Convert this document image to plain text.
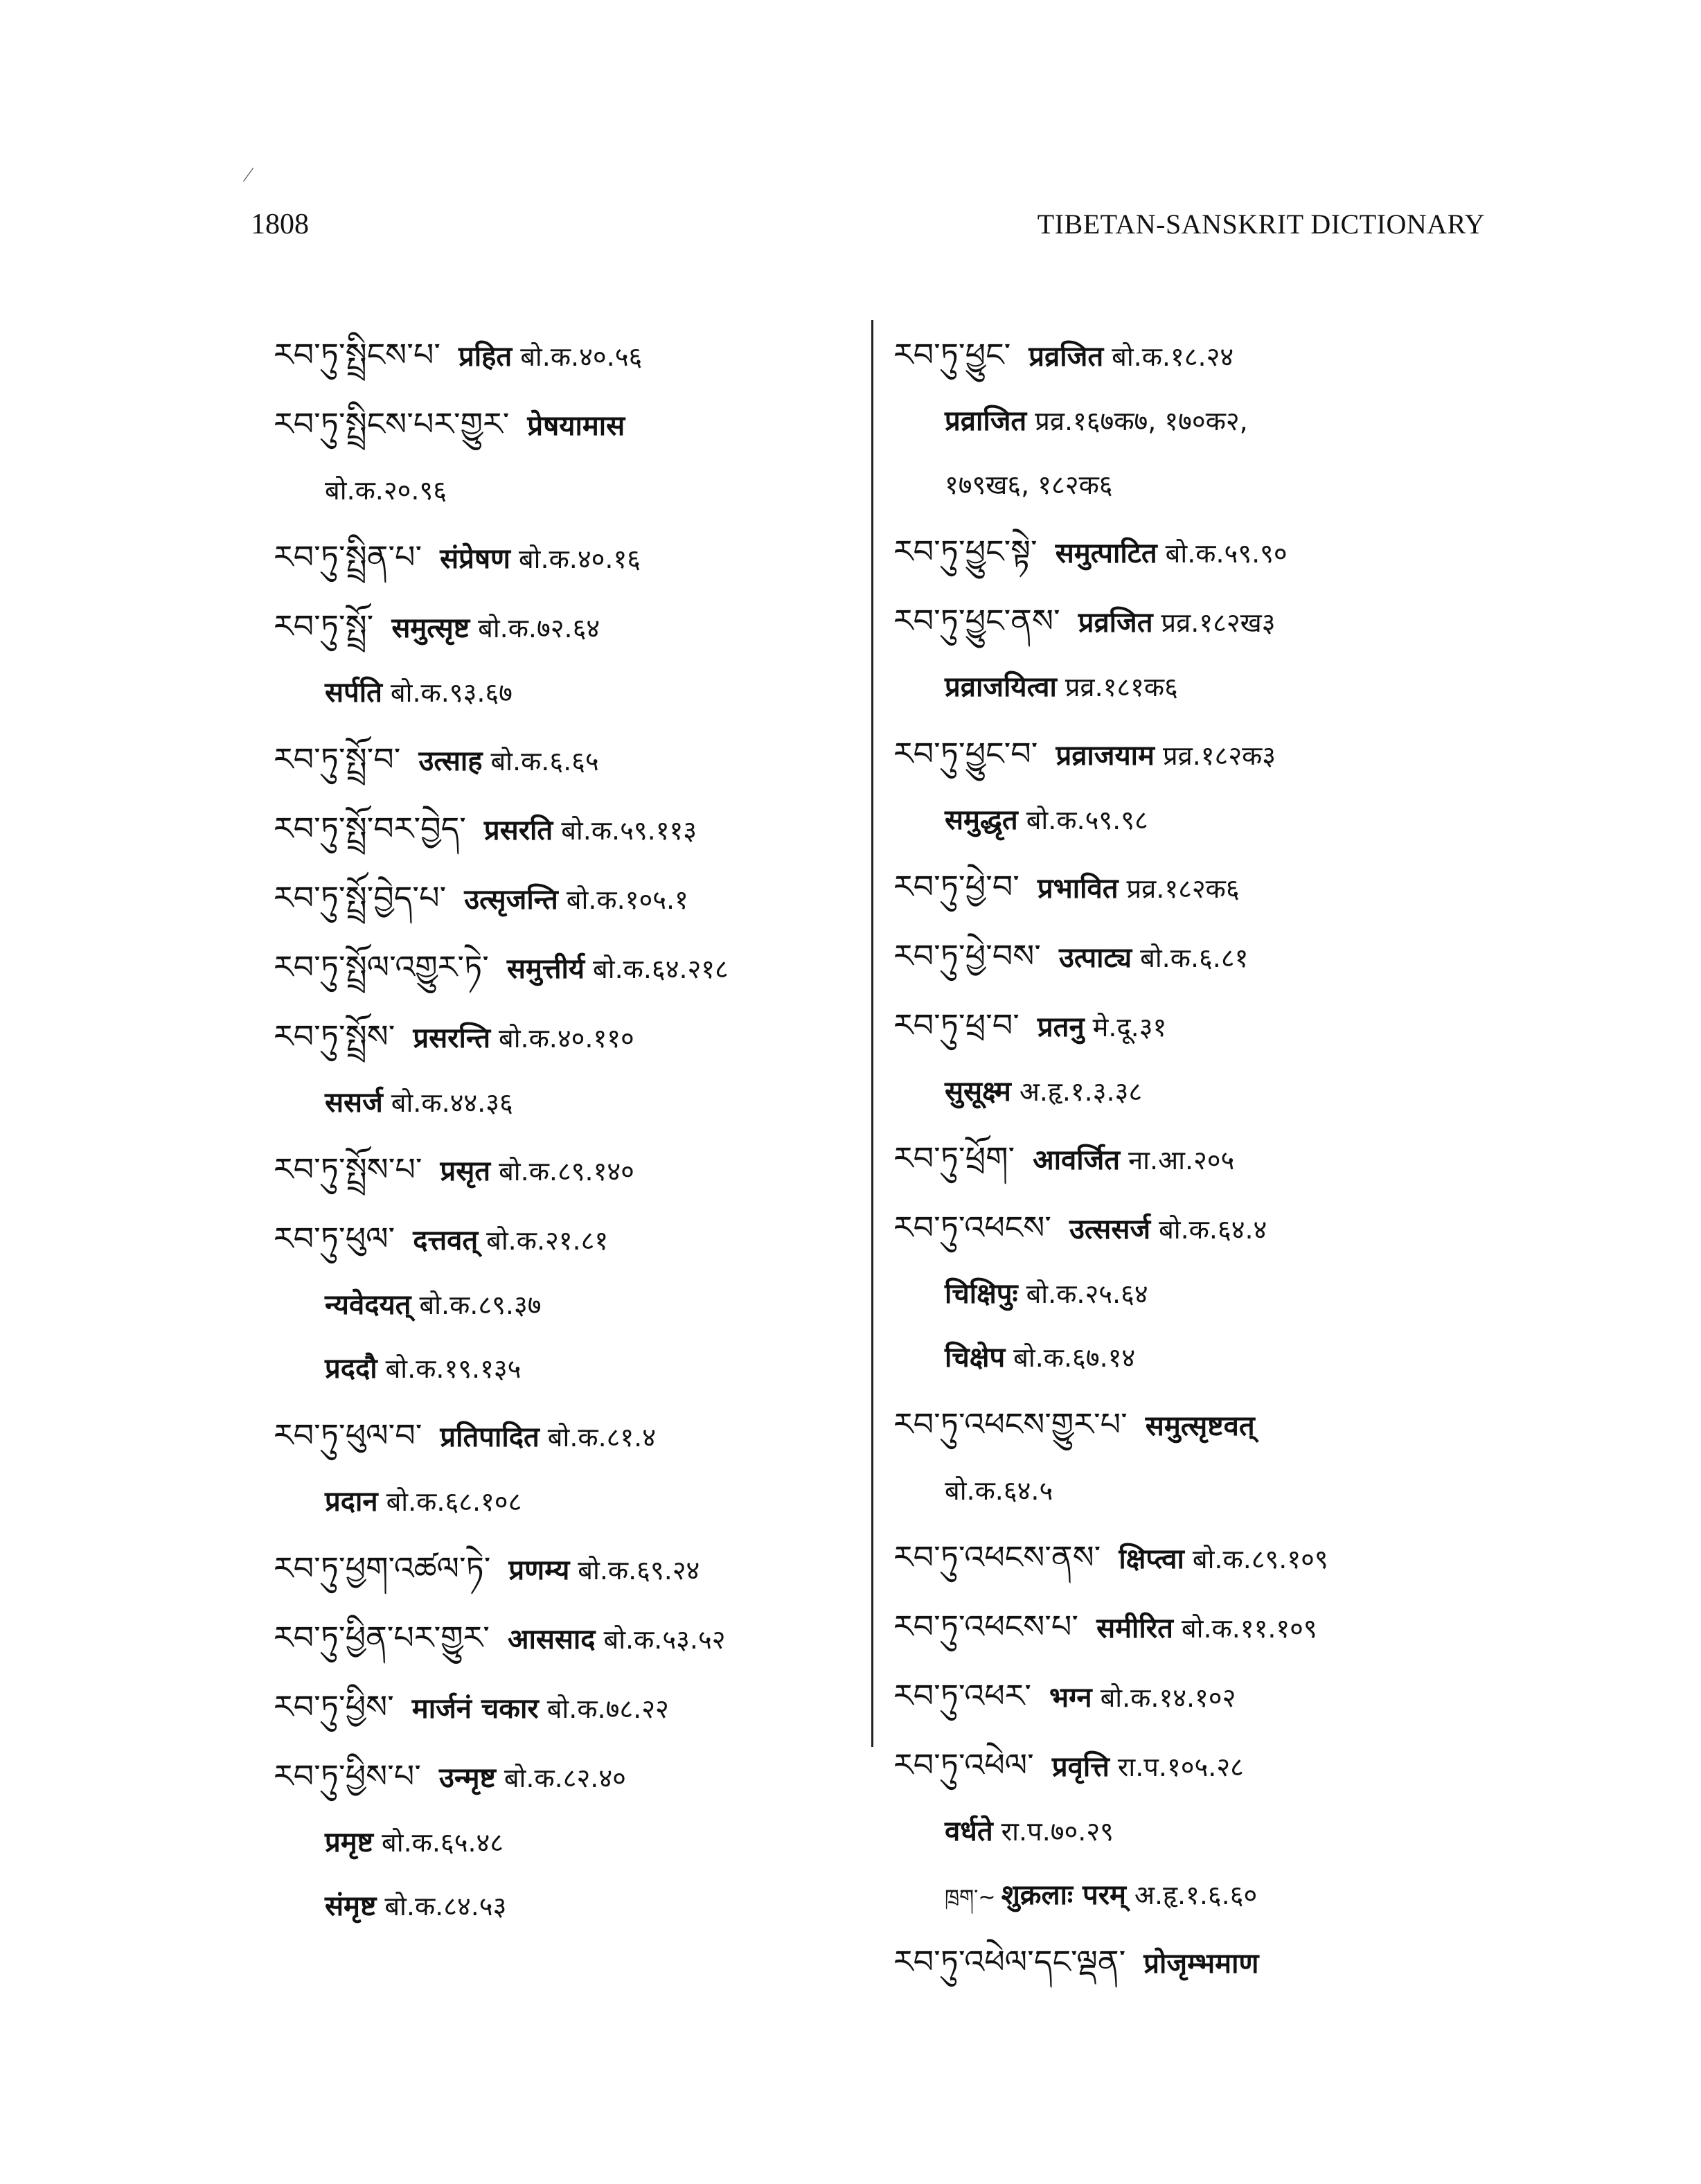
⁄
1808	TIBETAN-SANSKRIT DICTIONARY
རབ་ཏུ་སྤྲིངས་པ་ प्रहित बो.क.४०.५६
རབ་ཏུ་སྤྲིངས་པར་གྱུར་ प्रेषयामास
बो.क.२०.९६
རབ་ཏུ་སྤྲིན་པ་ संप्रेषण बो.क.४०.१६
རབ་ཏུ་སྤྲོ་ समुत्सृष्ट बो.क.७२.६४
सर्पति बो.क.९३.६७
རབ་ཏུ་སྤྲོ་བ་ उत्साह बो.क.६.६५
རབ་ཏུ་སྤྲོ་བར་བྱེད་ प्रसरति बो.क.५९.११३
རབ་ཏུ་སྤྲོ་བྱེད་པ་ उत्सृजन्ति बो.क.१०५.१
རབ་ཏུ་སྤྲོལ་འགྱུར་ཏེ་ समुत्तीर्य बो.क.६४.२१८
རབ་ཏུ་སྤྲོས་ प्रसरन्ति बो.क.४०.११०
ससर्ज बो.क.४४.३६
རབ་ཏུ་སྤྲོས་པ་ प्रसृत बो.क.८९.१४०
རབ་ཏུ་ཕུལ་ दत्तवत् बो.क.२१.८१
न्यवेदयत् बो.क.८९.३७
प्रददौ बो.क.१९.१३५
རབ་ཏུ་ཕུལ་བ་ प्रतिपादित बो.क.८१.४
प्रदान बो.क.६८.१०८
རབ་ཏུ་ཕྱག་འཚལ་ཏེ་ प्रणम्य बो.क.६९.२४
རབ་ཏུ་ཕྱིན་པར་གྱུར་ आससाद बो.क.५३.५२
རབ་ཏུ་ཕྱིས་ मार्जनं चकार बो.क.७८.२२
རབ་ཏུ་ཕྱིས་པ་ उन्मृष्ट बो.क.८२.४०
प्रमृष्ट बो.क.६५.४८
संमृष्ट बो.क.८४.५३
རབ་ཏུ་ཕྱུང་ प्रव्रजित बो.क.१८.२४
प्रव्राजित प्रव्र.१६७क७, १७०क२,
१७९ख६, १८२क६
རབ་ཏུ་ཕྱུང་སྟེ་ समुत्पाटित बो.क.५९.९०
རབ་ཏུ་ཕྱུང་ནས་ प्रव्रजित प्रव्र.१८२ख३
प्रव्राजयित्वा प्रव्र.१८१क६
རབ་ཏུ་ཕྱུང་བ་ प्रव्राजयाम प्रव्र.१८२क३
समुद्धृत बो.क.५९.९८
རབ་ཏུ་ཕྱེ་བ་ प्रभावित प्रव्र.१८२क६
རབ་ཏུ་ཕྱེ་བས་ उत्पाट्य बो.क.६.८१
རབ་ཏུ་ཕྲ་བ་ प्रतनु मे.दू.३१
सुसूक्ष्म अ.हृ.१.३.३८
རབ་ཏུ་ཕྲོག་ आवर्जित ना.आ.२०५
རབ་ཏུ་འཕངས་ उत्ससर्ज बो.क.६४.४
चिक्षिपुः बो.क.२५.६४
चिक्षेप बो.क.६७.१४
རབ་ཏུ་འཕངས་གྱུར་པ་ समुत्सृष्टवत्
बो.क.६४.५
རབ་ཏུ་འཕངས་ནས་ क्षिप्त्वा बो.क.८९.१०९
རབ་ཏུ་འཕངས་པ་ समीरित बो.क.११.१०९
རབ་ཏུ་འཕར་ भग्न बो.क.१४.१०२
རབ་ཏུ་འཕེལ་ प्रवृत्ति रा.प.१०५.२८
वर्धते रा.प.७०.२९
ཁྲག་~ शुक्रलाः परम् अ.हृ.१.६.६०
རབ་ཏུ་འཕེལ་དང་ལྡན་ प्रोजृम्भमाण
